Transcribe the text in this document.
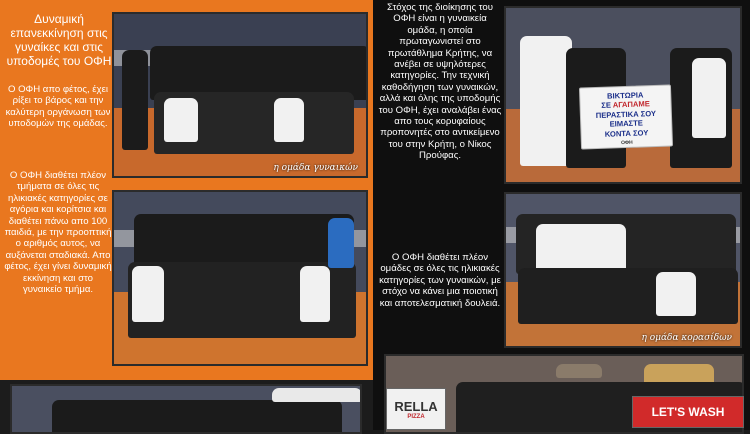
Δυναμική επανεκκίνηση στις γυναίκες και στις υποδομές του ΟΦΗ

Ο ΟΦΗ απο φέτος, έχει ρίξει το βάρος και την καλύτερη οργάνωση των υποδομών της ομάδας.

Ο ΟΦΗ διαθέτει πλέον τμήματα σε όλες τις ηλικιακές κατηγορίες σε αγόρια και κορίτσια και διαθέτει πάνω απο 100 παιδιά, με την προοπτική ο αριθμός αυτος, να αυξάνεται σταδιακά. Απο φέτος, έχει γίνει δυναμική εκκίνηση και στο γυναικείο τμήμα.

Στόχος της διοίκησης του ΟΦΗ είναι η γυναικεία ομάδα, η οποία πρωταγωνιστεί στο πρωτάθλημα Κρήτης, να ανέβει σε υψηλότερες κατηγορίες. Την τεχνική καθοδήγηση των γυναικών, αλλά και όλης της υποδομής του ΟΦΗ, έχει αναλάβει ένας απο τους κορυφαίους προπονητές στο αντικείμενο του στην Κρήτη, ο Νίκος Προύφας.

Ο ΟΦΗ διαθέτει πλέον ομάδες σε όλες τις ηλικιακές κατηγορίες των γυναικών, με στόχο να κάνει μια ποιοτική και αποτελεσματική δουλειά.

η ομάδα γυναικών
ΒΙΚΤΩΡΙΑ
ΣΕ ΑΓΑΠΑΜΕ
ΠΕΡΑΣΤΙΚΑ ΣΟΥ
ΕΙΜΑΣΤΕ
ΚΟΝΤΑ ΣΟΥ
ΟΦΗ
η ομάδα κορασίδων
RELLA
PIZZA	LET'S WASH
